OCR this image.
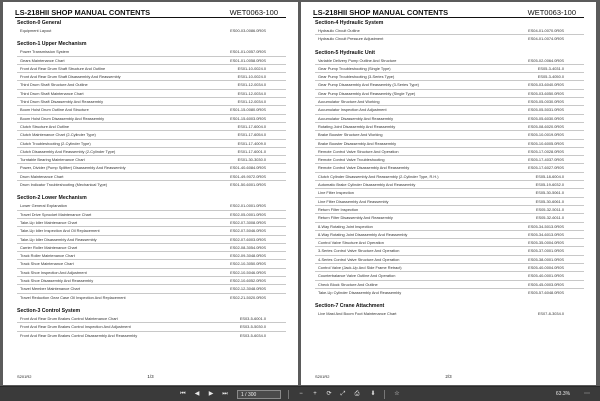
LS-218HII SHOP MANUAL CONTENTS	WET0063-100
Section-0 General
Equipment Layout	ES00-03-0086.0R0S
Section-1 Upper Mechanism
Power Transmission System	ES01-01-0057.0R0S
Gears Maintenance Chart	ES01-01-0058.0R0S
Front And Rear Drum Shaft Structure And Outline	ES01-10-0024.0
Front And Rear Drum Shaft Disassembly And Reassembly	ES01-10-0024.0
Third Drum Shaft Structure And Outline	ES01-12-0034.0
Third Drum Shaft Maintenance Chart	ES01-12-0034.0
Third Drum Shaft Disassembly And Reassembly	ES01-12-0034.0
Boom Hoist Drum Outline And Structure	ES01-15-0080.0R0S
Boom Hoist Drum Disassembly And Reassembly	ES01-15-6003.0R0S
Clutch Structure And Outline	ES01-17-6004.0
Clutch Maintenance Chart (2-Cylinder Type)	ES01-17-6054.0
Clutch Troubleshooting (2-Cylinder Type)	ES01-17-4009.0
Clutch Disassembly And Reassembly (2-Cylinder Type)	ES01-17-6001.0
Turntable Bearing Maintenance Chart	ES01-30-3030.0
Power, Divider (Pump Splitter) Disassembly And Reassembly	ES01-40-6084.0R0S
Drum Maintenance Chart	ES01-49-9072.0R0S
Drum Indicator Troubleshooting (Mechanical Type)	ES01-50-6001.0R0S
Section-2 Lower Mechanism
Lower General Explanation	ES02-01-0001.0R0S
Travel Drive Sprocket Maintenance Chart	ES02-05-0001.0R0S
Take-Up Idler Maintenance Chart	ES02-07-3008.0R0S
Take-Up Idler Inspection And Oil Replacement	ES02-07-5046.0R0S
Take-Up Idler Disassembly And Reassembly	ES02-07-6003.0R0S
Carrier Roller Maintenance Chart	ES02-08-3054.0R0S
Track Roller Maintenance Chart	ES02-09-3048.0R0S
Track Shoe Maintenance Chart	ES02-10-3050.0R0S
Track Shoe Inspection And Adjustment	ES02-10-5046.0R0S
Track Shoe Disassembly And Reassembly	ES02-10-6052.0R0S
Travel Member Maintenance Chart	ES02-12-3048.0R0S
Travel Reduction Gear Case Oil Inspection And Replacement	ES02-21-5020.0R0S
Section-3 Control System
Front And Rear Drum Brakes Control Maintenance Chart	ES03-5-6001.0
Front And Rear Drum Brakes Control Inspection And Adjustment	ES03-5-5030.0
Front And Rear Drum Brakes Control Disassembly And Reassembly	ES03-5-6034.0
S201R2	1/3
LS-218HII SHOP MANUAL CONTENTS	WET0063-100
Section-4 Hydraulic System
Hydraulic Circuit Outline	ES04-01-0070.0R0S
Hydraulic Circuit Pressure Adjustment	ES04-01-0074.0R0S
Section-5 Hydraulic Unit
Variable Delivery Pump Outline And Structure	ES05-02-0064.0R0S
Gear Pump Troubleshooting (Single Type)	ES05-3-4031.0
Gear Pump Troubleshooting (3-Series Type)	ES05-3-4050.0
Gear Pump Disassembly And Reassembly (3-Series Type)	ES05-03-6040.0R0S
Gear Pump Disassembly And Reassembly (Single Type)	ES05-03-6050.0R0S
Accumulator Structure And Working	ES05-05-0030.0R0S
Accumulator Inspection And Adjustment	ES05-05-5031.0R0S
Accumulator Disassembly And Reassembly	ES05-05-6030.0R0S
Rotating Joint Disassembly And Reassembly	ES05-08-6020.0R0S
Brake Booster Structure And Working	ES05-10-0019.0R0S
Brake Booster Disassembly And Reassembly	ES05-10-6005.0R0S
Remote Control Valve Structure And Operation	ES05-17-0028.0R0S
Remote Control Valve Troubleshooting	ES05-17-4037.0R0S
Remote Control Valve Disassembly And Reassembly	ES05-17-6027.0R0S
Clutch Cylinder Disassembly And Reassembly (2-Cylinder Type, R.H.)	ES05-18-6004.0
Automatic Brake Cylinder Disassembly And Reassembly	ES05-19-6032.0
Line Filter Inspection	ES05-30-5061.0
Line Filter Disassembly And Reassembly	ES05-30-6061.0
Return Filter Inspection	ES05-32-5011.0
Return Filter Disassembly And Reassembly	ES05-32-6011.0
8-Way Rotating Joint Inspection	ES05-34-5013.0R0S
8-Way Rotating Joint Disassembly And Reassembly	ES05-34-6013.0R0S
Control Valve Structure And Operation	ES05-35-0004.0R0S
3-Series Control Valve Structure And Operation	ES05-37-0001.0R0S
4-Series Control Valve Structure And Operation	ES05-38-0001.0R0S
Control Valve (Jack-Up And Side Frame Retract)	ES05-40-0004.0R0S
Counterbalance Valve Outline And Operation	ES05-40-0001.0R0S
Check Block Structure And Outline	ES05-45-0003.0R0S
Take-Up Cylinder Disassembly And Reassembly	ES05-57-6048.0R0S
Section-7 Crane Attachment
Live Mast And Boom Foot Maintenance Chart	ES07-8-3034.0
S201R2	2/3
⏮	◀	▶	⏭
1 / 300	−	+	⟳	⤢	⎙	⬇	☆	63.3%	⋯
